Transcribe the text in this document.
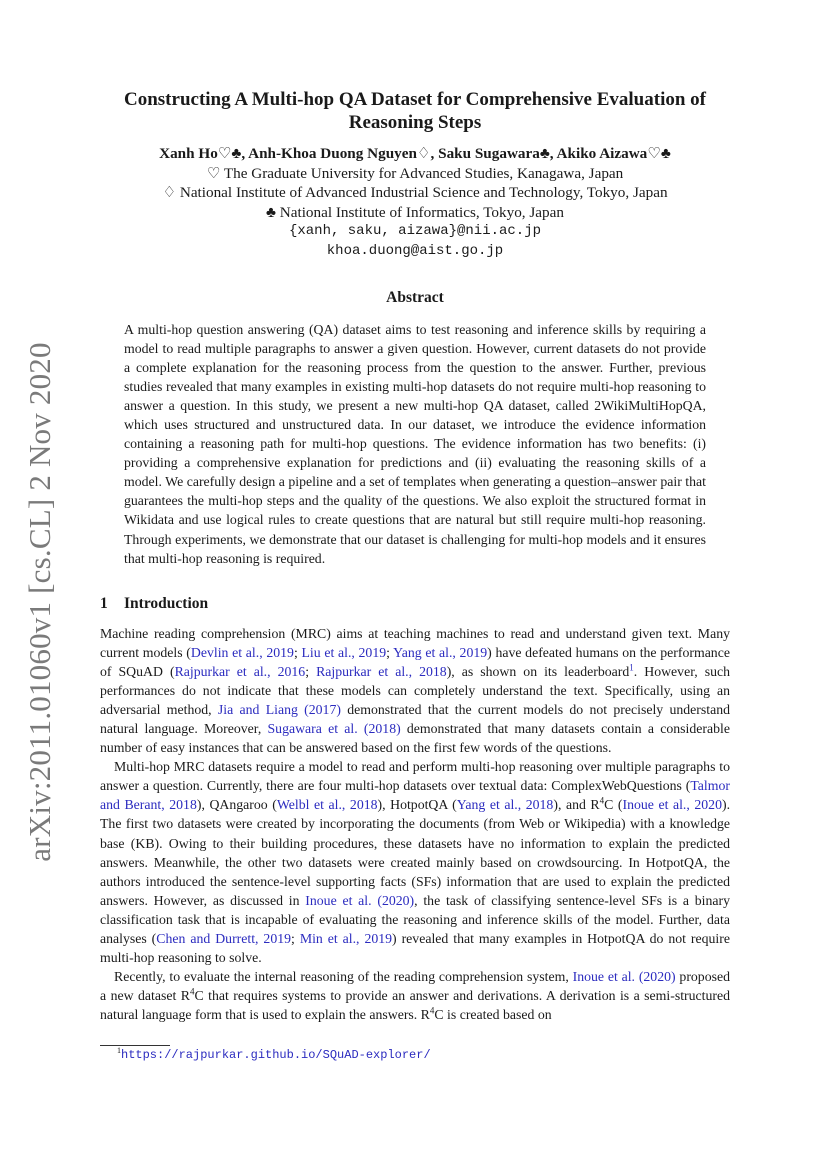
arXiv:2011.01060v1 [cs.CL] 2 Nov 2020
Constructing A Multi-hop QA Dataset for Comprehensive Evaluation of Reasoning Steps
Xanh Ho♡♣, Anh-Khoa Duong Nguyen♢, Saku Sugawara♣, Akiko Aizawa♡♣
♡ The Graduate University for Advanced Studies, Kanagawa, Japan
♢ National Institute of Advanced Industrial Science and Technology, Tokyo, Japan
♣ National Institute of Informatics, Tokyo, Japan
{xanh, saku, aizawa}@nii.ac.jp
khoa.duong@aist.go.jp
Abstract

A multi-hop question answering (QA) dataset aims to test reasoning and inference skills by requiring a model to read multiple paragraphs to answer a given question. However, current datasets do not provide a complete explanation for the reasoning process from the question to the answer. Further, previous studies revealed that many examples in existing multi-hop datasets do not require multi-hop reasoning to answer a question. In this study, we present a new multi-hop QA dataset, called 2WikiMultiHopQA, which uses structured and unstructured data. In our dataset, we introduce the evidence information containing a reasoning path for multi-hop questions. The evidence information has two benefits: (i) providing a comprehensive explanation for predictions and (ii) evaluating the reasoning skills of a model. We carefully design a pipeline and a set of templates when generating a question–answer pair that guarantees the multi-hop steps and the quality of the questions. We also exploit the structured format in Wikidata and use logical rules to create questions that are natural but still require multi-hop reasoning. Through experiments, we demonstrate that our dataset is challenging for multi-hop models and it ensures that multi-hop reasoning is required.

1 Introduction

Machine reading comprehension (MRC) aims at teaching machines to read and understand given text. Many current models (Devlin et al., 2019; Liu et al., 2019; Yang et al., 2019) have defeated humans on the performance of SQuAD (Rajpurkar et al., 2016; Rajpurkar et al., 2018), as shown on its leaderboard$^1$. However, such performances do not indicate that these models can completely understand the text. Specifically, using an adversarial method, Jia and Liang (2017) demonstrated that the current models do not precisely understand natural language. Moreover, Sugawara et al. (2018) demonstrated that many datasets contain a considerable number of easy instances that can be answered based on the first few words of the questions.

Multi-hop MRC datasets require a model to read and perform multi-hop reasoning over multiple paragraphs to answer a question. Currently, there are four multi-hop datasets over textual data: ComplexWebQuestions (Talmor and Berant, 2018), QAngaroo (Welbl et al., 2018), HotpotQA (Yang et al., 2018), and $R^4C$ (Inoue et al., 2020). The first two datasets were created by incorporating the documents (from Web or Wikipedia) with a knowledge base (KB). Owing to their building procedures, these datasets have no information to explain the predicted answers. Meanwhile, the other two datasets were created mainly based on crowdsourcing. In HotpotQA, the authors introduced the sentence-level supporting facts (SFs) information that are used to explain the predicted answers. However, as discussed in Inoue et al. (2020), the task of classifying sentence-level SFs is a binary classification task that is incapable of evaluating the reasoning and inference skills of the model. Further, data analyses (Chen and Durrett, 2019; Min et al., 2019) revealed that many examples in HotpotQA do not require multi-hop reasoning to solve.

Recently, to evaluate the internal reasoning of the reading comprehension system, Inoue et al. (2020) proposed a new dataset $R^4C$ that requires systems to provide an answer and derivations. A derivation is a semi-structured natural language form that is used to explain the answers. $R^4C$ is created based on

$^1$https://rajpurkar.github.io/SQuAD-explorer/
